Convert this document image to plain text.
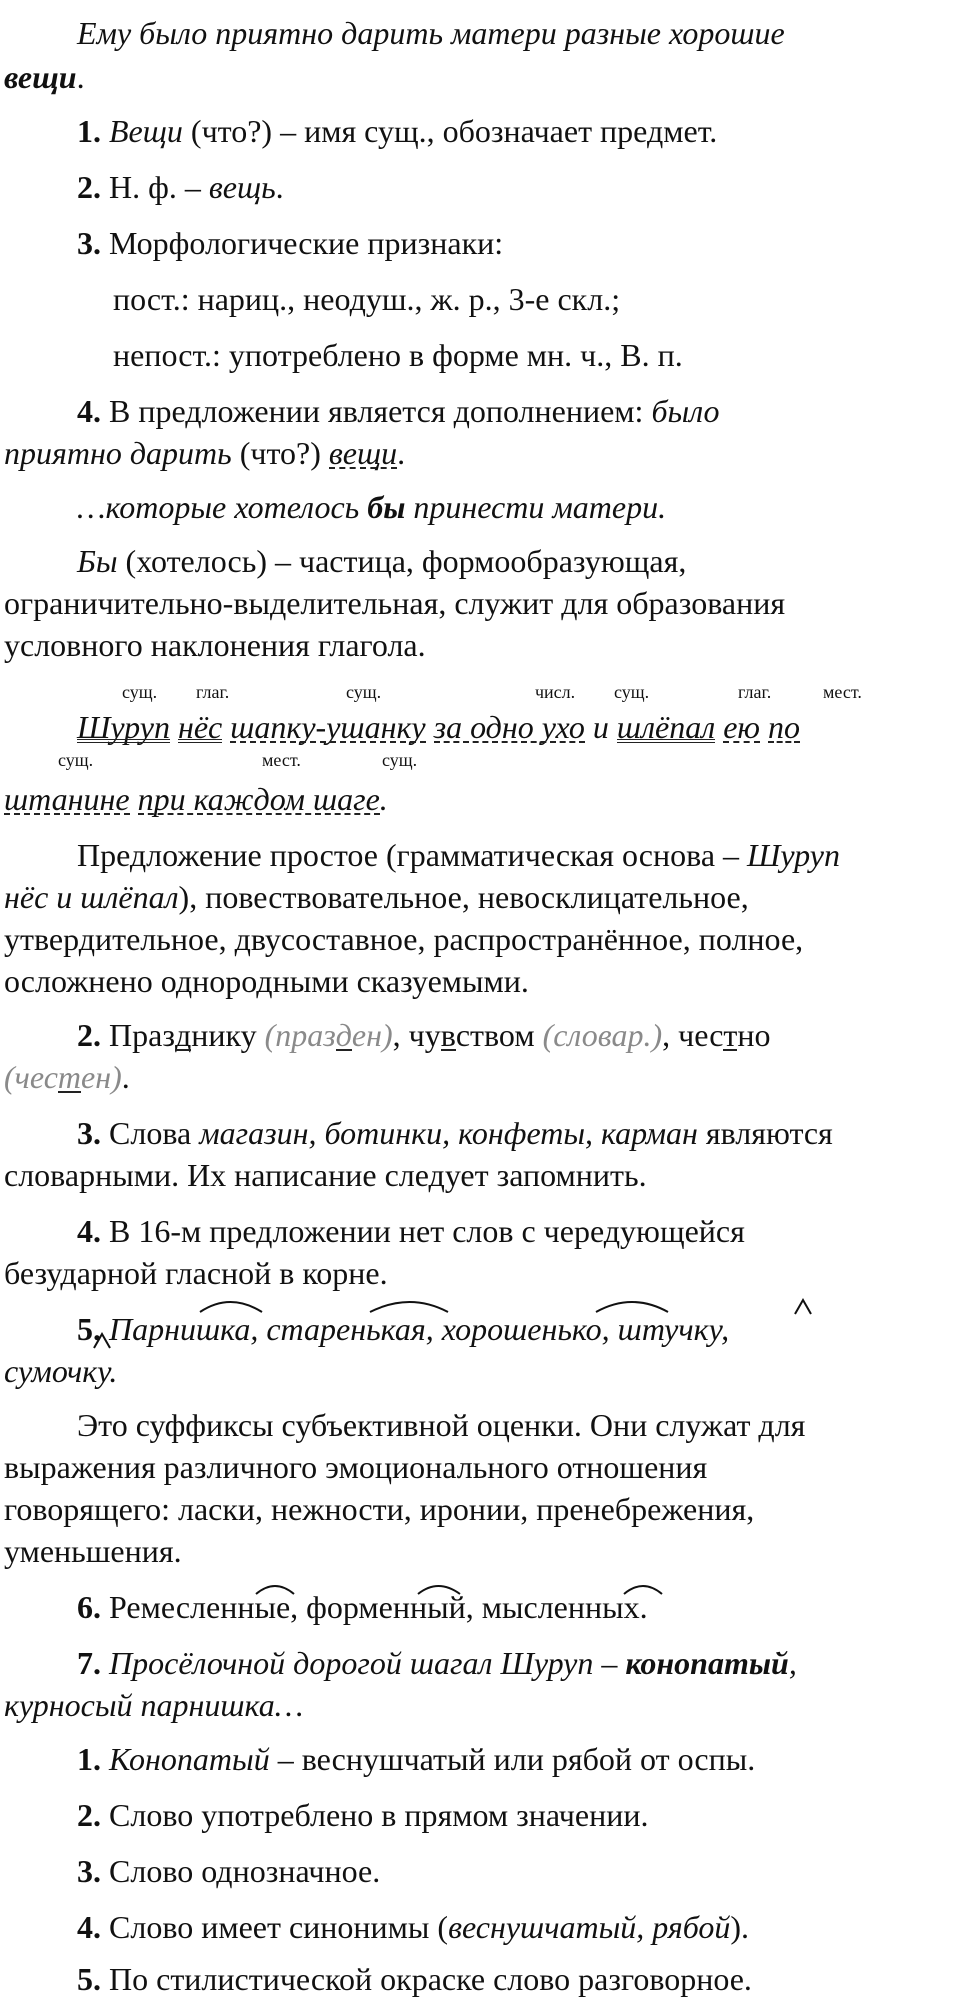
Ему было приятно дарить матери разные хорошие
вещи.
1. Вещи (что?) – имя сущ., обозначает предмет.
2. Н. ф. – вещь.
3. Морфологические признаки:
пост.: нариц., неодуш., ж. р., 3-е скл.;
непост.: употреблено в форме мн. ч., В. п.
4. В предложении является дополнением: было
приятно дарить (что?) вещи.
…которые хотелось бы принести матери.
Бы (хотелось) – частица, формообразующая,
ограничительно-выделительная, служит для образования
условного наклонения глагола.
сущ. глаг.	сущ.	числ. сущ.	глаг.	мест.
Шуруп нёс шапку-ушанку за одно ухо и шлёпал ею по
сущ.	мест.	сущ.
штанине при каждом шаге.
Предложение простое (грамматическая основа – Шуруп
нёс и шлёпал), повествовательное, невосклицательное,
утвердительное, двусоставное, распространённое, полное,
осложнено однородными сказуемыми.
2. Празднику (празден), чувством (словар.), честно
(честен).
3. Слова магазин, ботинки, конфеты, карман являются
словарными. Их написание следует запомнить.
4. В 16-м предложении нет слов с чередующейся
безударной гласной в корне.
5. Парнишка, старенькая, хорошенько, штучку,
сумочку.
Это суффиксы субъективной оценки. Они служат для
выражения различного эмоционального отношения
говорящего: ласки, нежности, иронии, пренебрежения,
уменьшения.
6. Ремесленные, форменный, мысленных.
7. Просёлочной дорогой шагал Шуруп – конопатый,
курносый парнишка…
1. Конопатый – веснушчатый или рябой от оспы.
2. Слово употреблено в прямом значении.
3. Слово однозначное.
4. Слово имеет синонимы (веснушчатый, рябой).
5. По стилистической окраске слово разговорное.
